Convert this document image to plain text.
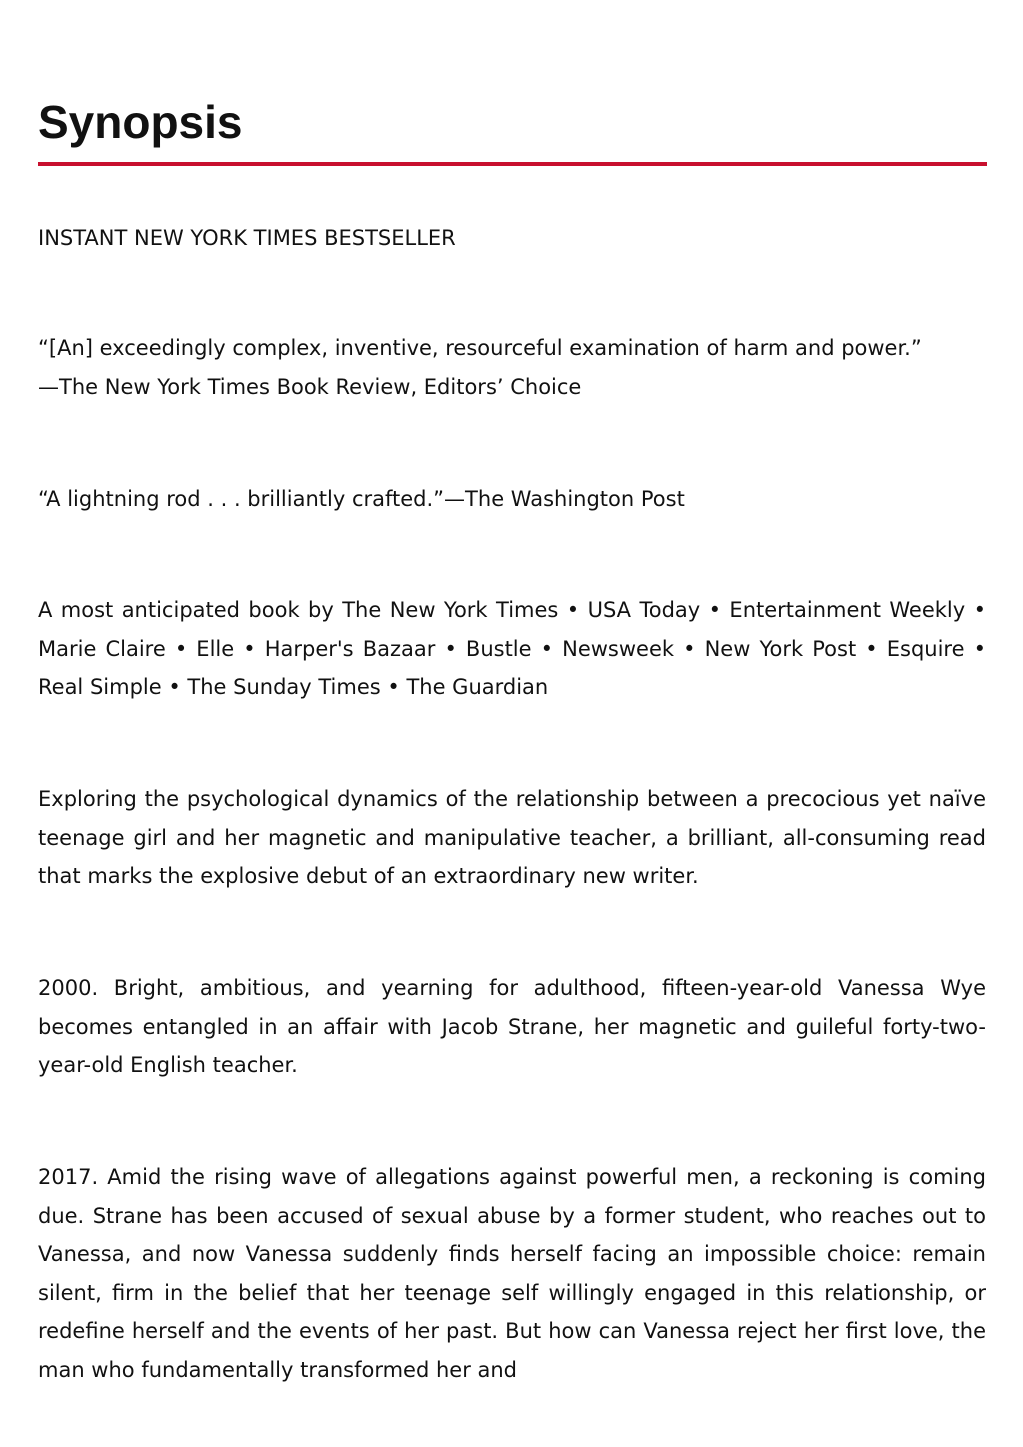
Synopsis

INSTANT NEW YORK TIMES BESTSELLER

“[An] exceedingly complex, inventive, resourceful examination of harm and power.”
—The New York Times Book Review, Editors’ Choice

“A lightning rod . . . brilliantly crafted.”—The Washington Post

A most anticipated book by The New York Times • USA Today • Entertainment Weekly • Marie Claire • Elle • Harper's Bazaar • Bustle • Newsweek • New York Post • Esquire • Real Simple • The Sunday Times • The Guardian

Exploring the psychological dynamics of the relationship between a precocious yet naïve teenage girl and her magnetic and manipulative teacher, a brilliant, all-consuming read that marks the explosive debut of an extraordinary new writer.

2000. Bright, ambitious, and yearning for adulthood, fifteen-year-old Vanessa Wye becomes entangled in an affair with Jacob Strane, her magnetic and guileful forty-two-year-old English teacher.

2017. Amid the rising wave of allegations against powerful men, a reckoning is coming due. Strane has been accused of sexual abuse by a former student, who reaches out to Vanessa, and now Vanessa suddenly finds herself facing an impossible choice: remain silent, firm in the belief that her teenage self willingly engaged in this relationship, or redefine herself and the events of her past. But how can Vanessa reject her first love, the man who fundamentally transformed her and
